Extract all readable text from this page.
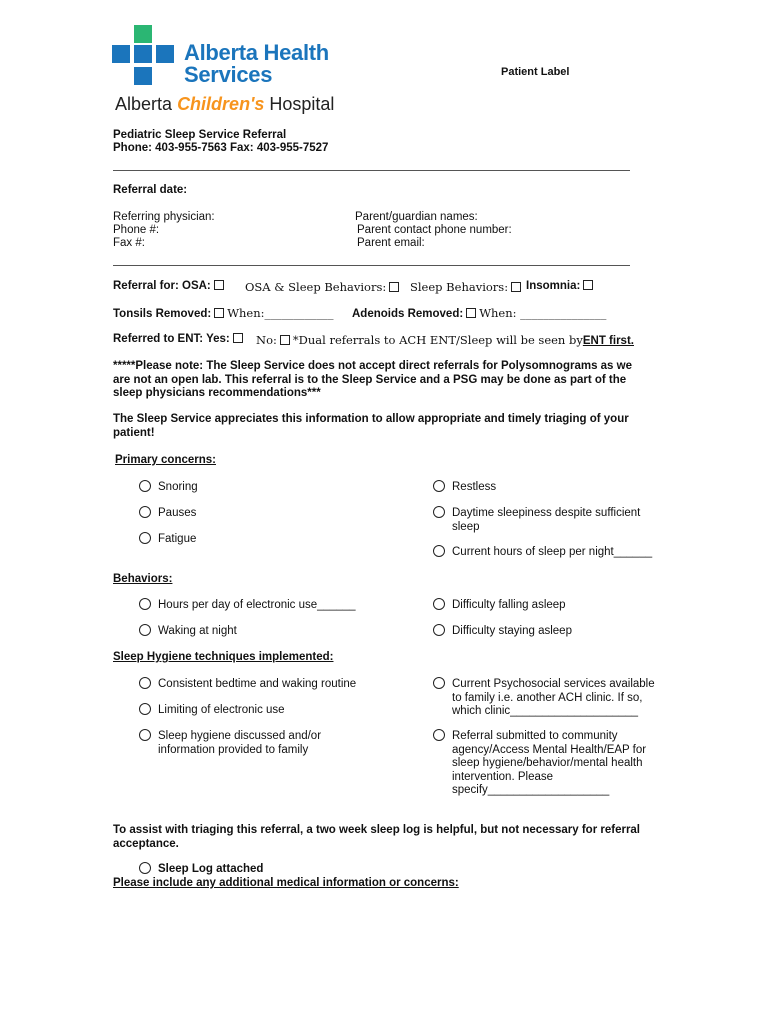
Alberta Health
Services
Alberta Children's Hospital
Patient Label
Pediatric Sleep Service Referral
Phone: 403-955-7563 Fax: 403-955-7527
Referral date:
Referring physician:
Phone #:
Fax #:
Parent/guardian names:
Parent contact phone number:
Parent email:
Referral for: OSA:	OSA & Sleep Behaviors:	Sleep Behaviors:	Insomnia:
Tonsils Removed: When:____________ Adenoids Removed: When: _______________
Referred to ENT: Yes:	No: *Dual referrals to ACH ENT/Sleep will be seen byENT first.
*****Please note: The Sleep Service does not accept direct referrals for Polysomnograms as we are not an open lab. This referral is to the Sleep Service and a PSG may be done as part of the sleep physicians recommendations***
The Sleep Service appreciates this information to allow appropriate and timely triaging of your patient!
Primary concerns:
Snoring
Pauses
Fatigue
Restless
Daytime sleepiness despite sufficient sleep
Current hours of sleep per night______
Behaviors:
Hours per day of electronic use______
Waking at night
Difficulty falling asleep
Difficulty staying asleep
Sleep Hygiene techniques implemented:
Consistent bedtime and waking routine
Limiting of electronic use
Sleep hygiene discussed and/or information provided to family
Current Psychosocial services available to family i.e. another ACH clinic. If so, which clinic____________________
Referral submitted to community agency/Access Mental Health/EAP for sleep hygiene/behavior/mental health intervention. Please specify___________________
To assist with triaging this referral, a two week sleep log is helpful, but not necessary for referral acceptance.
Sleep Log attached
Please include any additional medical information or concerns:
